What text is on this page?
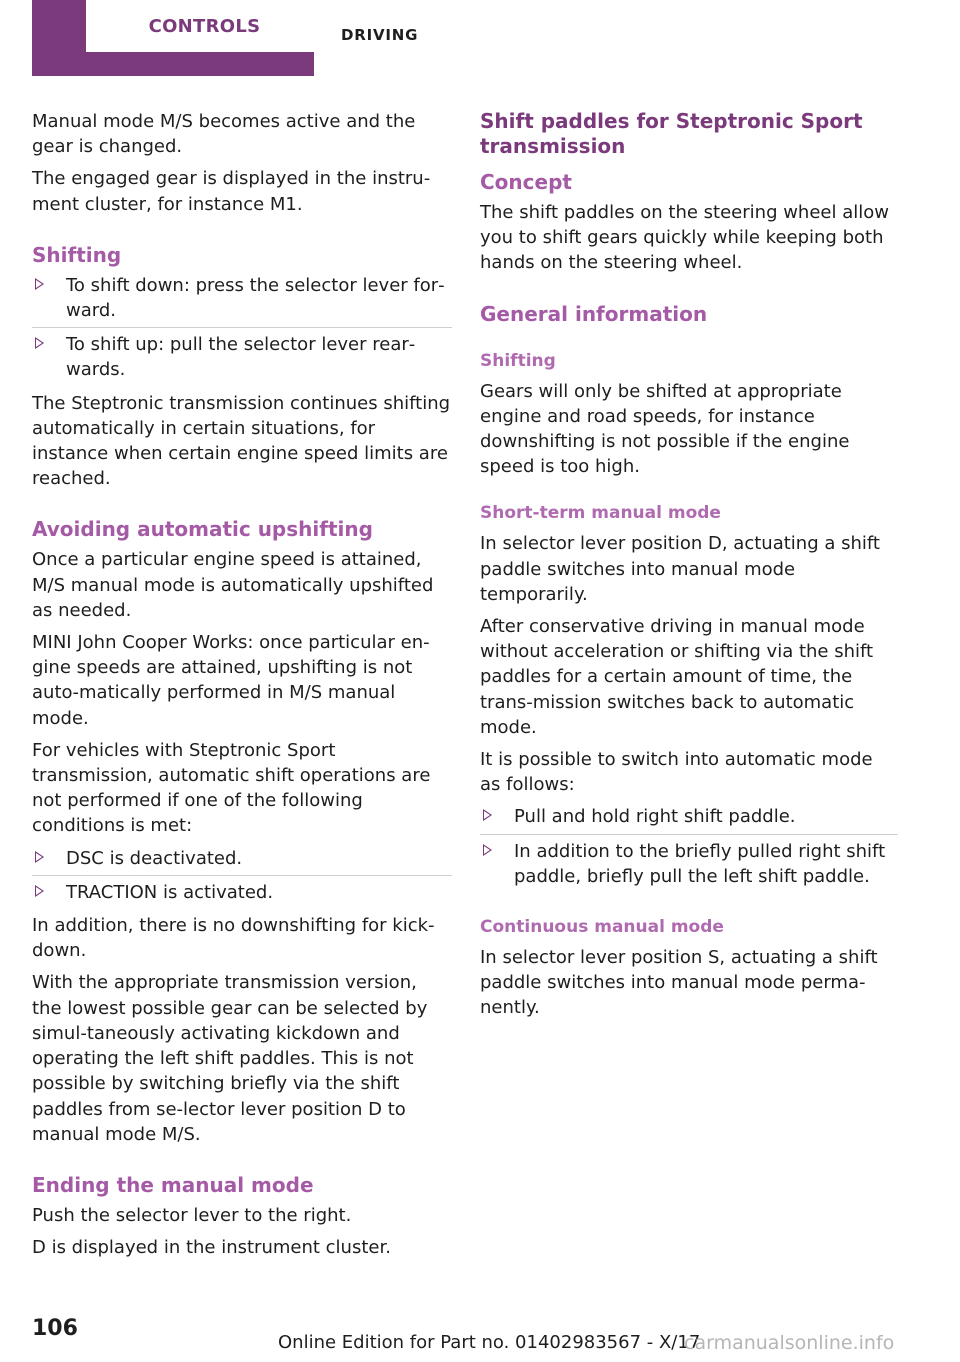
CONTROLS	DRIVING

Manual mode M/S becomes active and the gear is changed.

The engaged gear is displayed in the instru‐ment cluster, for instance M1.

Shifting
To shift down: press the selector lever for‐ward.
To shift up: pull the selector lever rear‐wards.

The Steptronic transmission continues shifting automatically in certain situations, for instance when certain engine speed limits are reached.

Avoiding automatic upshifting

Once a particular engine speed is attained, M/S manual mode is automatically upshifted as needed.

MINI John Cooper Works: once particular en‐gine speeds are attained, upshifting is not auto‐matically performed in M/S manual mode.

For vehicles with Steptronic Sport transmission, automatic shift operations are not performed if one of the following conditions is met:

DSC is deactivated.
TRACTION is activated.

In addition, there is no downshifting for kick‐down.

With the appropriate transmission version, the lowest possible gear can be selected by simul‐taneously activating kickdown and operating the left shift paddles. This is not possible by switching briefly via the shift paddles from se‐lector lever position D to manual mode M/S.

Ending the manual mode

Push the selector lever to the right.

D is displayed in the instrument cluster.

Shift paddles for Steptronic Sport transmission
Concept

The shift paddles on the steering wheel allow you to shift gears quickly while keeping both hands on the steering wheel.

General information
Shifting

Gears will only be shifted at appropriate engine and road speeds, for instance downshifting is not possible if the engine speed is too high.

Short-term manual mode

In selector lever position D, actuating a shift paddle switches into manual mode temporarily.

After conservative driving in manual mode without acceleration or shifting via the shift paddles for a certain amount of time, the trans‐mission switches back to automatic mode.

It is possible to switch into automatic mode as follows:

Pull and hold right shift paddle.
In addition to the briefly pulled right shift paddle, briefly pull the left shift paddle.
Continuous manual mode

In selector lever position S, actuating a shift paddle switches into manual mode perma‐nently.

106
Online Edition for Part no. 01402983567 - X/17
carmanualsonline.info
